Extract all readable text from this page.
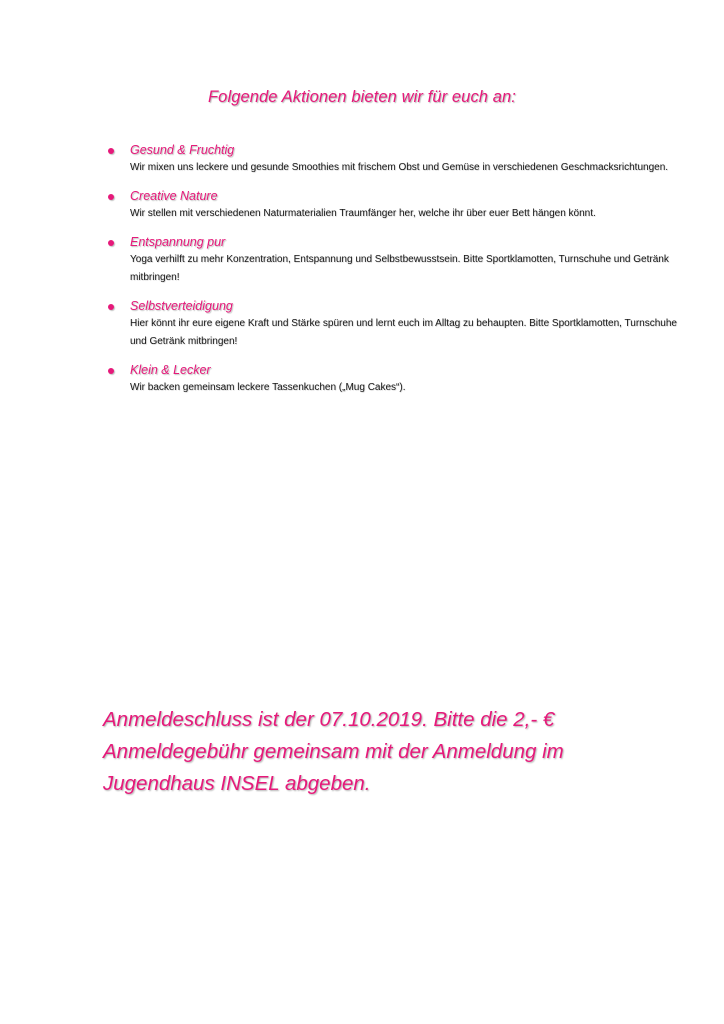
Folgende Aktionen bieten wir für euch an:
Gesund & Fruchtig
Wir mixen uns leckere und gesunde Smoothies mit frischem Obst und Gemüse in verschiedenen Geschmacksrichtungen.
Creative Nature
Wir stellen mit verschiedenen Naturmaterialien Traumfänger her, welche ihr über euer Bett hängen könnt.
Entspannung pur
Yoga verhilft zu mehr Konzentration, Entspannung und Selbstbewusstsein. Bitte Sportklamotten, Turnschuhe und Getränk mitbringen!
Selbstverteidigung
Hier könnt ihr eure eigene Kraft und Stärke spüren und lernt euch im Alltag zu behaupten. Bitte Sportklamotten, Turnschuhe und Getränk mitbringen!
Klein & Lecker
Wir backen gemeinsam leckere Tassenkuchen („Mug Cakes“).
Anmeldeschluss ist der 07.10.2019. Bitte die 2,- € Anmeldegebühr gemeinsam mit der Anmeldung im Jugendhaus INSEL abgeben.
